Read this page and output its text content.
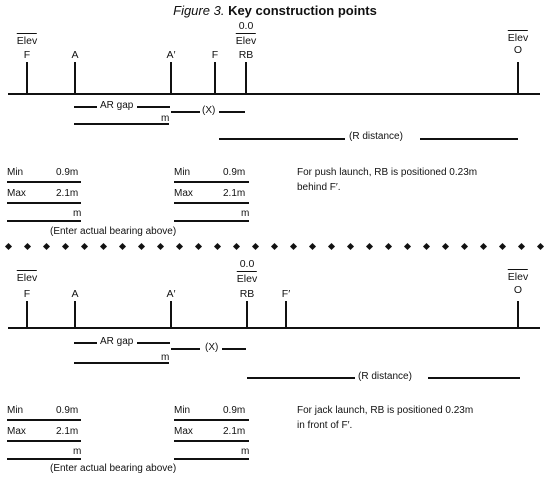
Figure 3. Key construction points
Elev
F	A	A′	F
0.0
Elev
RB
Elev
O
AR gap
m
(X)
(R distance)
Min	0.9m
Max	2.1m
m
(Enter actual bearing above)
Min	0.9m
Max	2.1m
m
For push launch, RB is positioned 0.23m
behind F′.
Elev
F	A	A′
0.0
Elev
RB	F′
Elev
O
AR gap
m
(X)
(R distance)
Min	0.9m
Max	2.1m
m
(Enter actual bearing above)
Min	0.9m
Max	2.1m
m
For jack launch, RB is positioned 0.23m
in front of F′.
